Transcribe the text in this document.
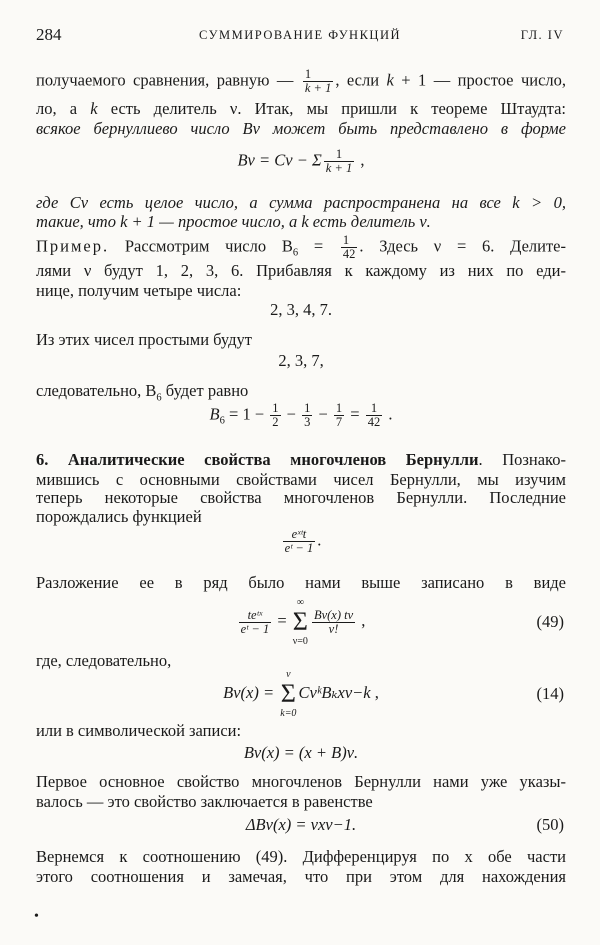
284	СУММИРОВАНИЕ ФУНКЦИЙ	ГЛ. IV
получаемого сравнения, равную — $\frac{1}{k + 1}$ , если k + 1 — простое число,
ло, а k есть делитель ν. Итак, мы пришли к теореме Штаудта:
всякое бернуллиево число Bν может быть представлено в форме
Bν = Cν − Σ $\frac{1}{k + 1}$ ,
где Cν есть целое число, а сумма распространена на все k > 0,
такие, что k + 1 — простое число, а k есть делитель ν.
Пример. Рассмотрим число $B_6 = \frac{1}{42}$ . Здесь ν = 6. Делите-
лями ν будут 1, 2, 3, 6. Прибавляя к каждому из них по еди-
нице, получим четыре числа:
2, 3, 4, 7.
Из этих чисел простыми будут
2, 3, 7,
следовательно, $B_6$ будет равно
$B_6 = 1 - \frac{1}{2} - \frac{1}{3} - \frac{1}{7} = \frac{1}{42}$ .
6. Аналитические свойства многочленов Бернулли. Познако-
мившись с основными свойствами чисел Бернулли, мы изучим
теперь некоторые свойства многочленов Бернулли. Последние
порождались функцией
eˣᵗt
eᵗ − 1 .
Разложение ее в ряд было нами выше записано в виде
teᵗˣ
eᵗ − 1 =
∞
Σ
ν=0
$\frac{B\nu(x) t\nu}{\nu!}$ ,	(49)
где, следовательно,
Bν(x) =
ν
Σ
k=0
CνᵏBₖxν−k ,	(14)
или в символической записи:
Bν(x) = (x + B)ν.
Первое основное свойство многочленов Бернулли нами уже указы-
валось — это свойство заключается в равенстве
ΔBν(x) = νxν−1.	(50)
Вернемся к соотношению (49). Дифференцируя по x обе части
этого соотношения и замечая, что при этом для нахождения
•
